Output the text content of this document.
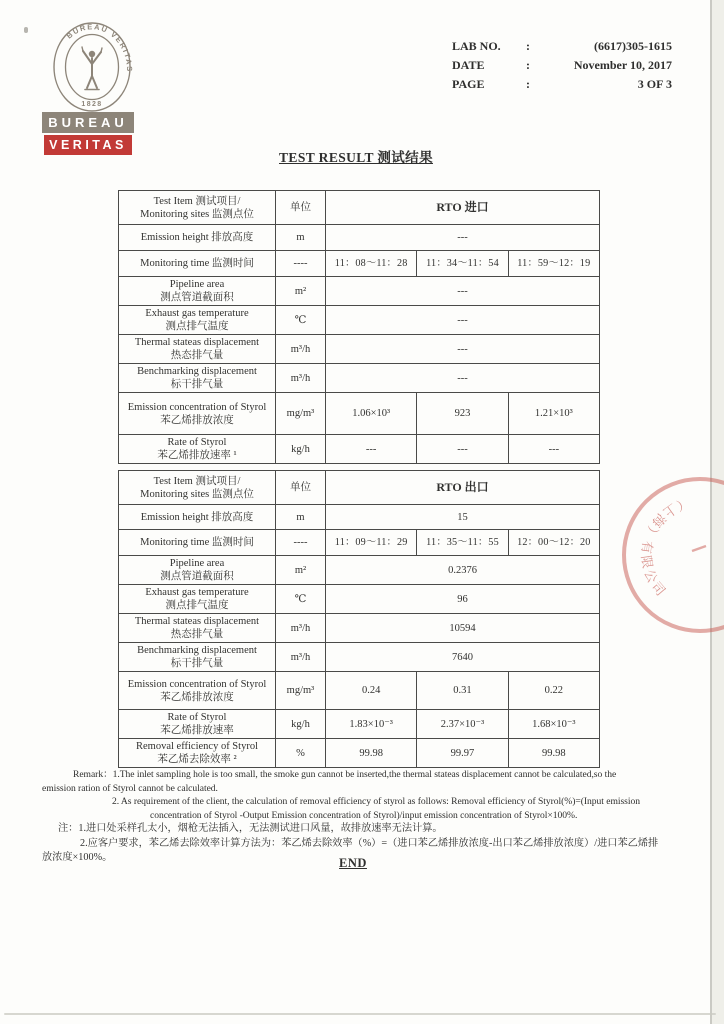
BUREAU VERITAS
1828
BUREAU
VERITAS
LAB NO.	:	(6617)305-1615
DATE	:	November 10, 2017
PAGE	:	3 OF 3
TEST RESULT 测试结果
Test Item 测试项目/
Monitoring sites 监测点位	单位	RTO 进口		

Emission height 排放高度	m	---		

Monitoring time 监测时间	----	11：08～11：28	11：34～11：54	11：59～12：19

Pipeline area
测点管道截面积	m²	---		

Exhaust gas temperature
测点排气温度	℃	---		

Thermal stateas displacement
热态排气量	m³/h	---		

Benchmarking displacement
标干排气量	m³/h	---		

Emission concentration of Styrol
苯乙烯排放浓度	mg/m³	1.06×10³	923	1.21×10³

Rate of Styrol
苯乙烯排放速率 ¹	kg/h	---	---	---
Test Item 测试项目/
Monitoring sites 监测点位	单位	RTO 出口		

Emission height 排放高度	m	15		

Monitoring time 监测时间	----	11：09～11：29	11：35～11：55	12：00～12：20

Pipeline area
测点管道截面积	m²	0.2376		

Exhaust gas temperature
测点排气温度	℃	96		

Thermal stateas displacement
热态排气量	m³/h	10594		

Benchmarking displacement
标干排气量	m³/h	7640		

Emission concentration of Styrol
苯乙烯排放浓度	mg/m³	0.24	0.31	0.22

Rate of Styrol
苯乙烯排放速率	kg/h	1.83×10⁻³	2.37×10⁻³	1.68×10⁻³

Removal efficiency of Styrol
苯乙烯去除效率 ²	%	99.98	99.97	99.98
（上海）有限公司
Remark：1.The inlet sampling hole is too small, the smoke gun cannot be inserted,the thermal stateas displacement cannot be calculated,so the
emission ration of Styrol cannot be calculated.
2. As requirement of the client, the calculation of removal efficiency of styrol as follows: Removal efficiency of Styrol(%)=(Input emission
concentration of Styrol -Output Emission concentration of Styrol)/input emission concentration of Styrol×100%.
注：1.进口处采样孔太小，烟枪无法插入，无法测试进口风量，故排放速率无法计算。
2.应客户要求，苯乙烯去除效率计算方法为：苯乙烯去除效率（%）=（进口苯乙烯排放浓度-出口苯乙烯排放浓度）/进口苯乙烯排
放浓度×100%。	END
